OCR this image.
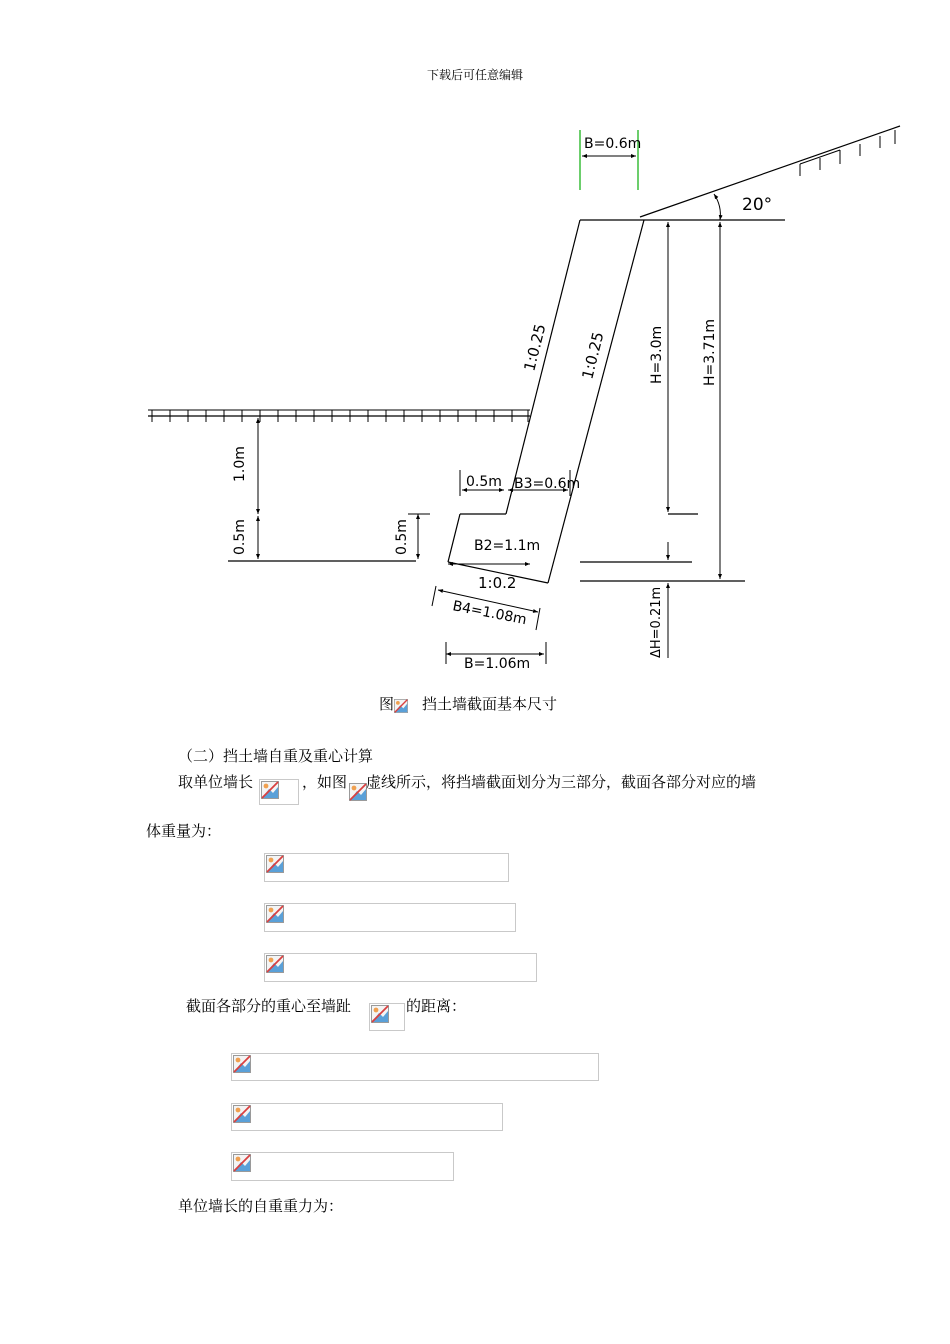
下载后可任意编辑
B=0.6m
20°
1:0.25 1:0.25	H=3.0m	H=3.71m
1.0m
0.5m	0.5m
0.5m B3=0.6m
B2=1.1m
1:0.2
B4=1.08m
B=1.06m
ΔH=0.21m
图 挡土墙截面基本尺寸
（二）挡土墙自重及重心计算
取单位墙长	，如图 虚线所示，将挡墙截面划分为三部分，截面各部分对应的墙
体重量为：
截面各部分的重心至墙趾	的距离：
单位墙长的自重重力为：
